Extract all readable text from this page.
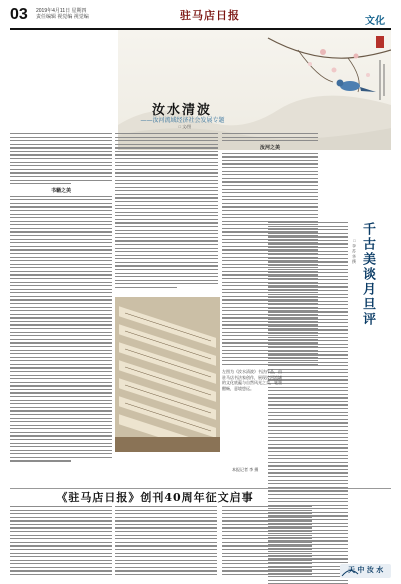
03 2019年4月11日 星期四
责任编辑 视觉编 视觉编	驻马店日报	文化
汝水清波
——汝河流域经济社会发展专题
□ 文/图
书籍之美
汝河之美
千古美谈月旦评
□ 李 苏 华 撰
左图为《汝水清波》书法作品，由驻马店书法家创作，展现汝河流域的文化底蕴与自然风光之美，笔墨酣畅，意境悠远。
本报记者 李 摄
《驻马店日报》创刊40周年征文启事
天 中 汝 水
